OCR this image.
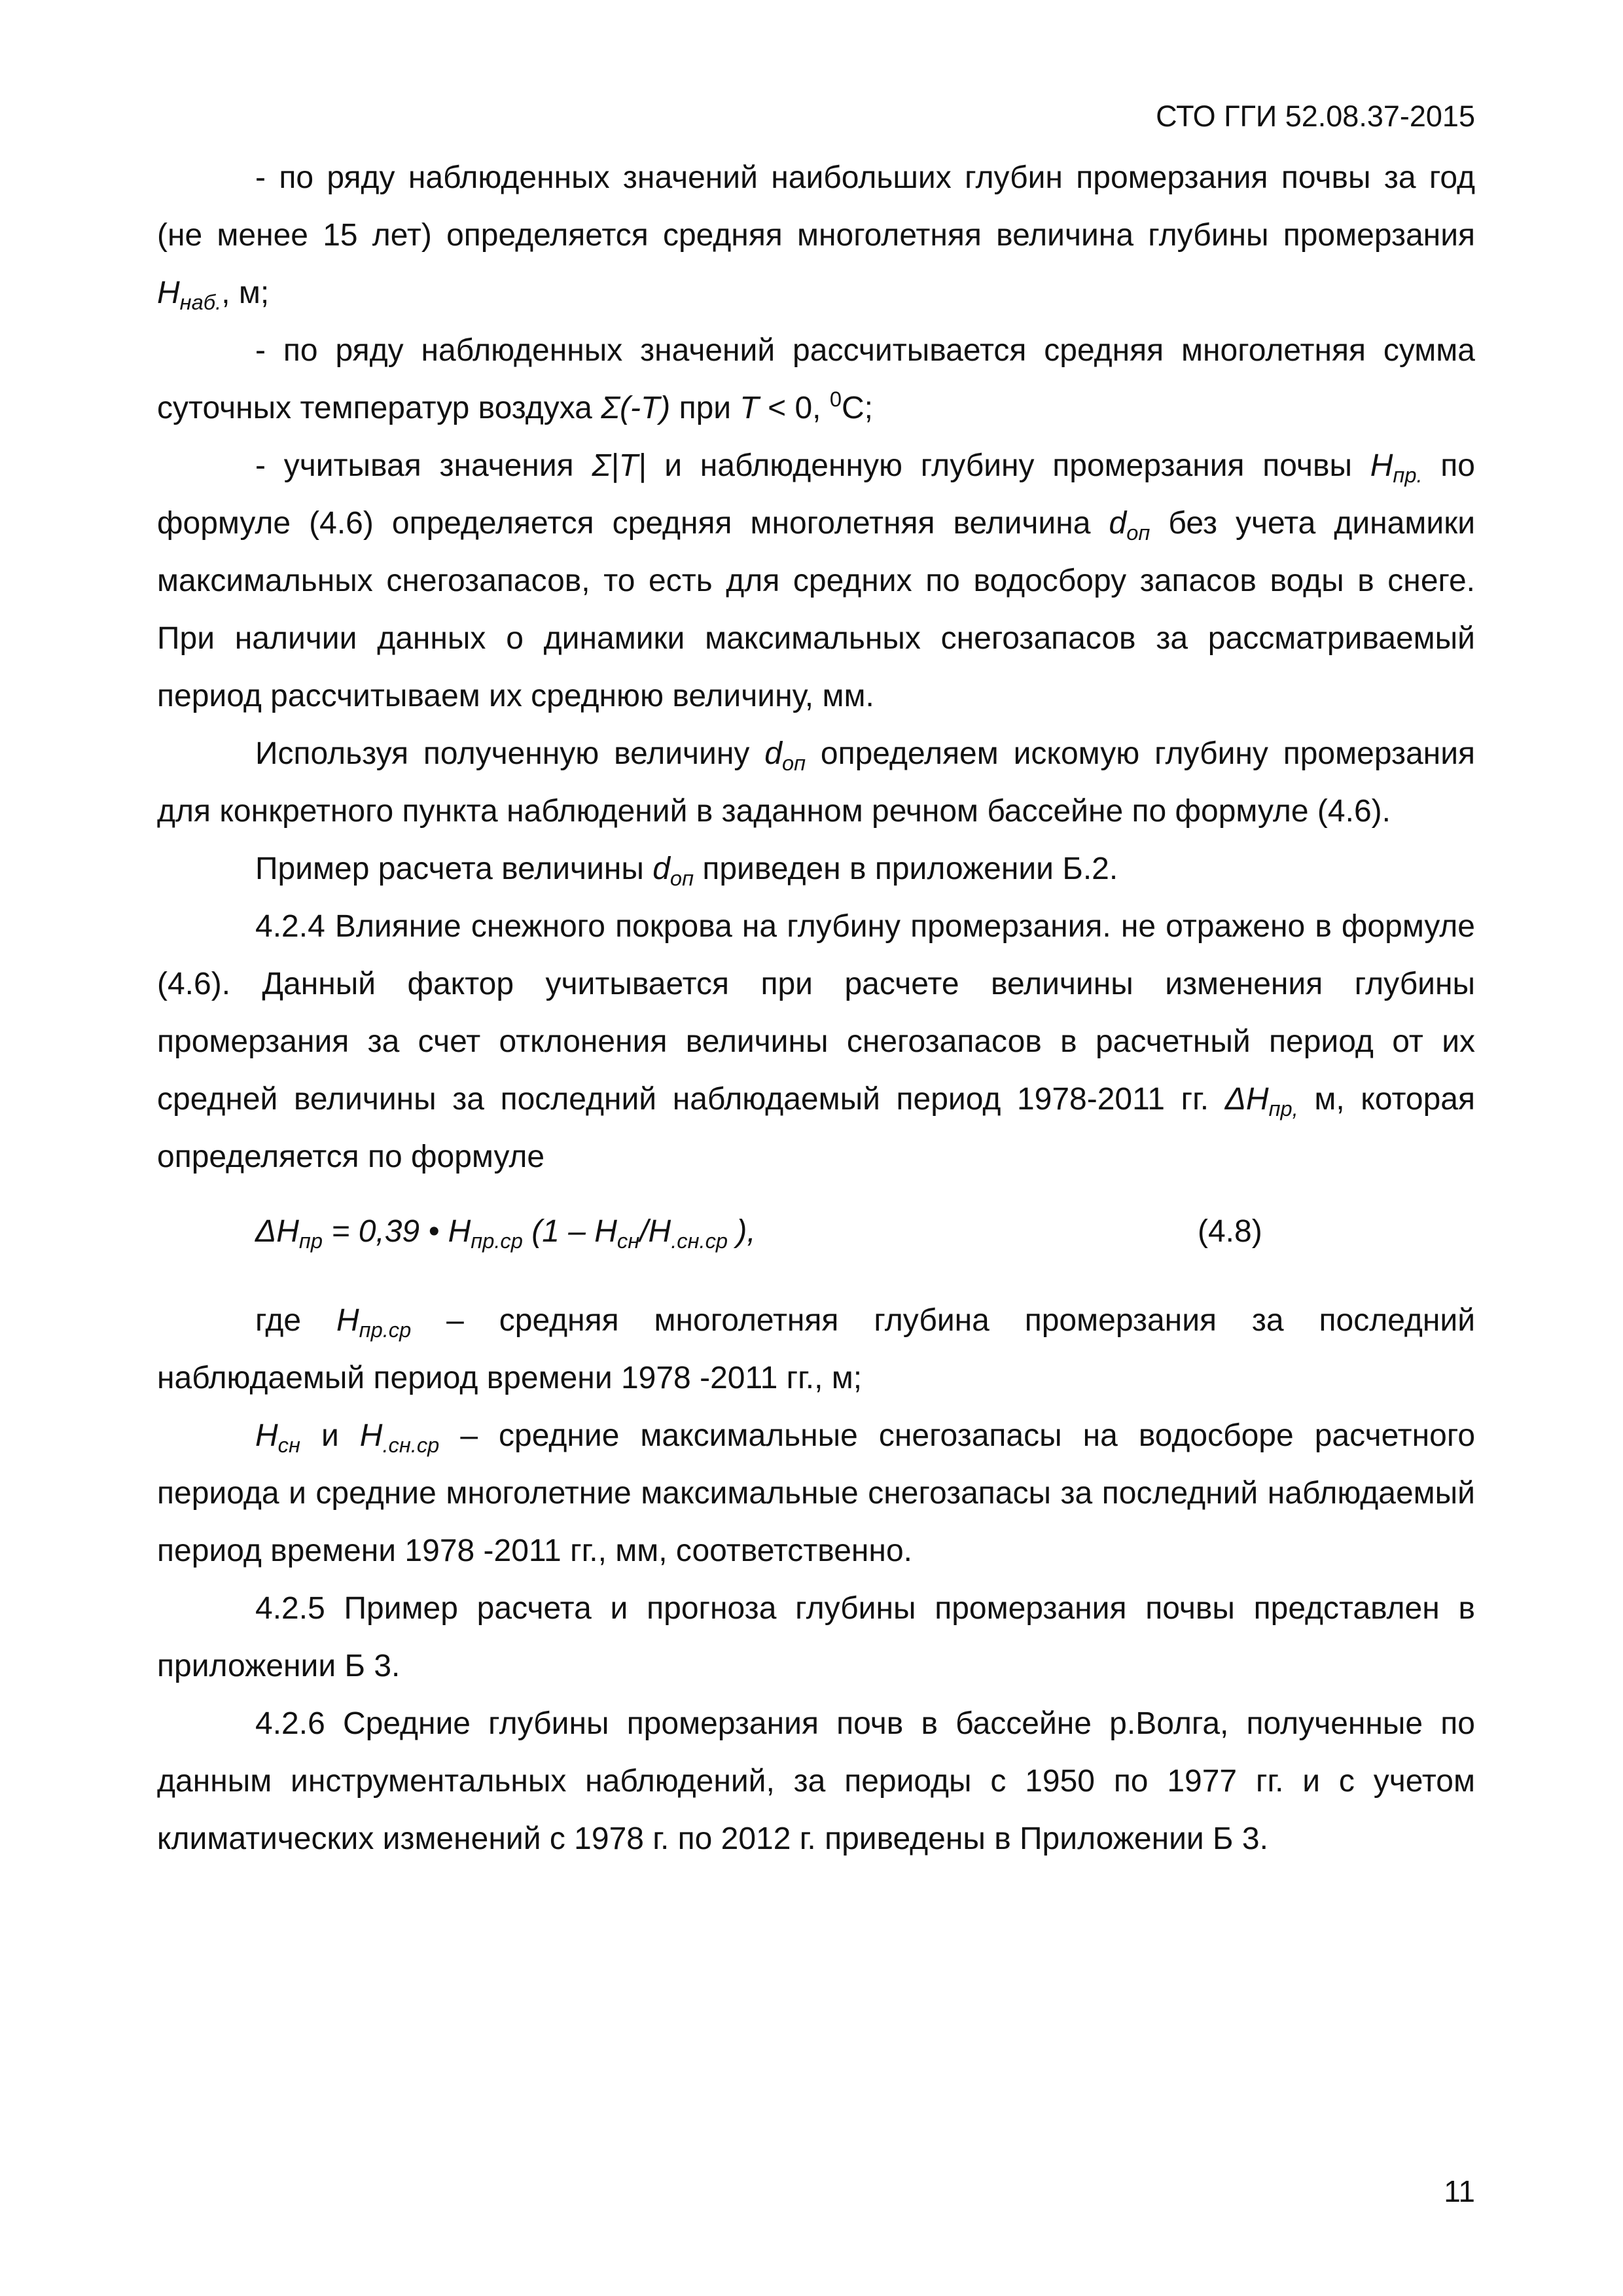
СТО ГГИ 52.08.37-2015

- по ряду наблюденных значений наибольших глубин промерзания почвы за год (не менее 15 лет) определяется средняя многолетняя величина глубины промерзания $H_{наб.}$, м;

- по ряду наблюденных значений рассчитывается средняя многолетняя сумма суточных температур воздуха Σ(-T) при T < 0, $^0$С;

- учитывая значения Σ|T| и наблюденную глубину промерзания почвы $H_{пр.}$ по формуле (4.6) определяется средняя многолетняя величина $d_{оп}$ без учета динамики максимальных снегозапасов, то есть для средних по водосбору запасов воды в снеге. При наличии данных о динамики максимальных снегозапасов за рассматриваемый период рассчитываем их среднюю величину, мм.

Используя полученную величину $d_{оп}$ определяем искомую глубину промерзания для конкретного пункта наблюдений в заданном речном бассейне по формуле (4.6).

Пример расчета величины $d_{оп}$ приведен в приложении Б.2.

4.2.4 Влияние снежного покрова на глубину промерзания. не отражено в формуле (4.6). Данный фактор учитывается при расчете величины изменения глубины промерзания за счет отклонения величины снегозапасов в расчетный период от их средней величины за последний наблюдаемый период 1978-2011 гг. $\Delta H_{пр,}$ м, которая определяется по формуле

$\Delta H_{пр} = 0,39$ • $H_{пр.ср}$ ($1 - H_{сн}/H_{.сн.ср}$ ),	(4.8)

где $H_{пр.ср}$ – средняя многолетняя глубина промерзания за последний наблюдаемый период времени 1978 -2011 гг., м;

$H_{сн}$ и $H_{.сн.ср}$ – средние максимальные снегозапасы на водосборе расчетного периода и средние многолетние максимальные снегозапасы за последний наблюдаемый период времени 1978 -2011 гг., мм, соответственно.

4.2.5 Пример расчета и прогноза глубины промерзания почвы представлен в приложении Б 3.

4.2.6 Средние глубины промерзания почв в бассейне р.Волга, полученные по данным инструментальных наблюдений, за периоды с 1950 по 1977 гг. и с учетом климатических изменений с 1978 г. по 2012 г. приведены в Приложении Б 3.

11
